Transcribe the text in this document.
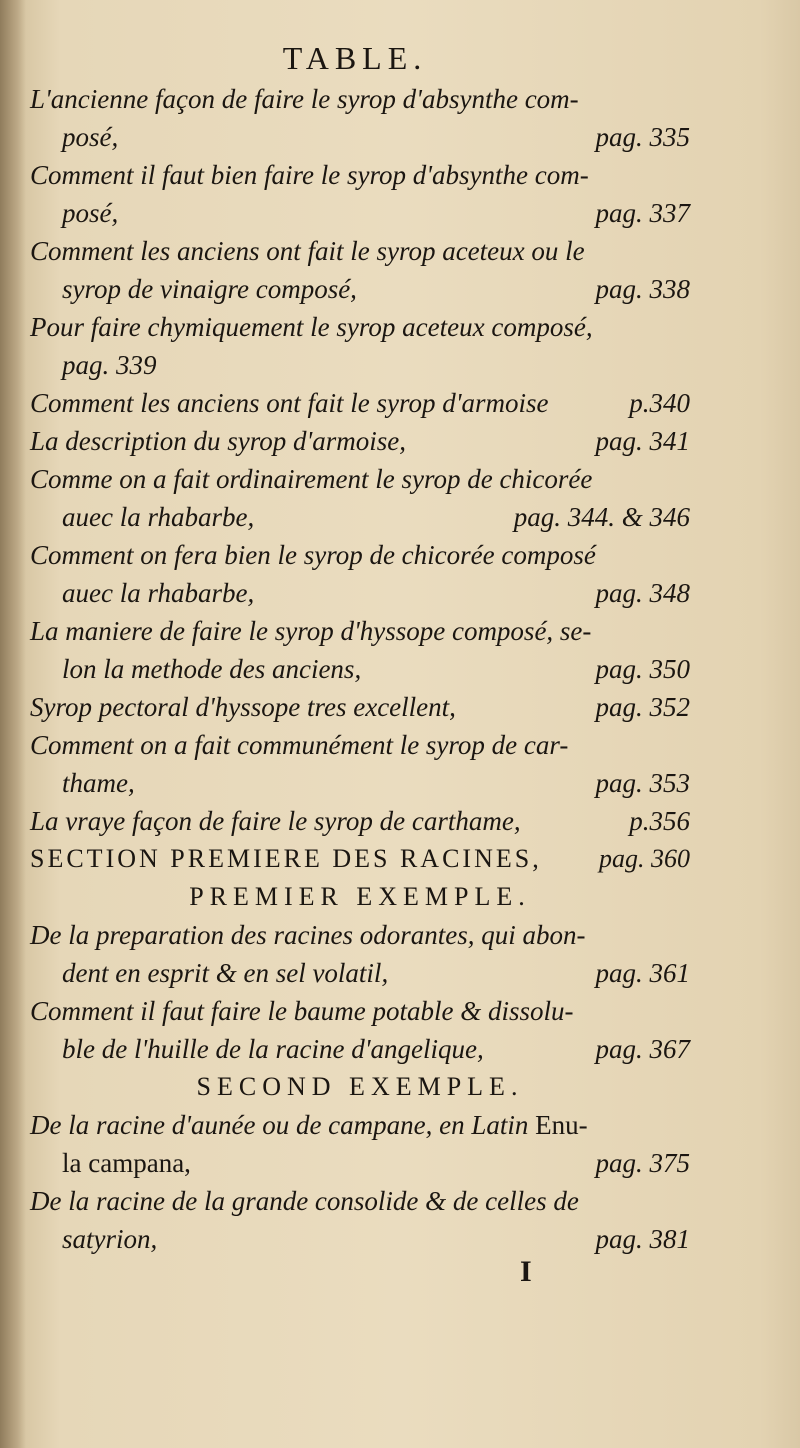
TABLE.
L'ancienne façon de faire le syrop d'absynthe com-
posé,	pag. 335
Comment il faut bien faire le syrop d'absynthe com-
posé,	pag. 337
Comment les anciens ont fait le syrop aceteux ou le
syrop de vinaigre composé,	pag. 338
Pour faire chymiquement le syrop aceteux composé,
pag. 339
Comment les anciens ont fait le syrop d'armoise	p.340
La description du syrop d'armoise,	pag. 341
Comme on a fait ordinairement le syrop de chicorée
auec la rhabarbe,	pag. 344. & 346
Comment on fera bien le syrop de chicorée composé
auec la rhabarbe,	pag. 348
La maniere de faire le syrop d'hyssope composé, se-
lon la methode des anciens,	pag. 350
Syrop pectoral d'hyssope tres excellent,	pag. 352
Comment on a fait communément le syrop de car-
thame,	pag. 353
La vraye façon de faire le syrop de carthame,	p.356
SECTION PREMIERE DES RACINES, pag. 360
PREMIER EXEMPLE.
De la preparation des racines odorantes, qui abon-
dent en esprit & en sel volatil,	pag. 361
Comment il faut faire le baume potable & dissolu-
ble de l'huille de la racine d'angelique,	pag. 367
SECOND EXEMPLE.
De la racine d'aunée ou de campane, en Latin Enu-
la campana,	pag. 375
De la racine de la grande consolide & de celles de
satyrion,	pag. 381
I
